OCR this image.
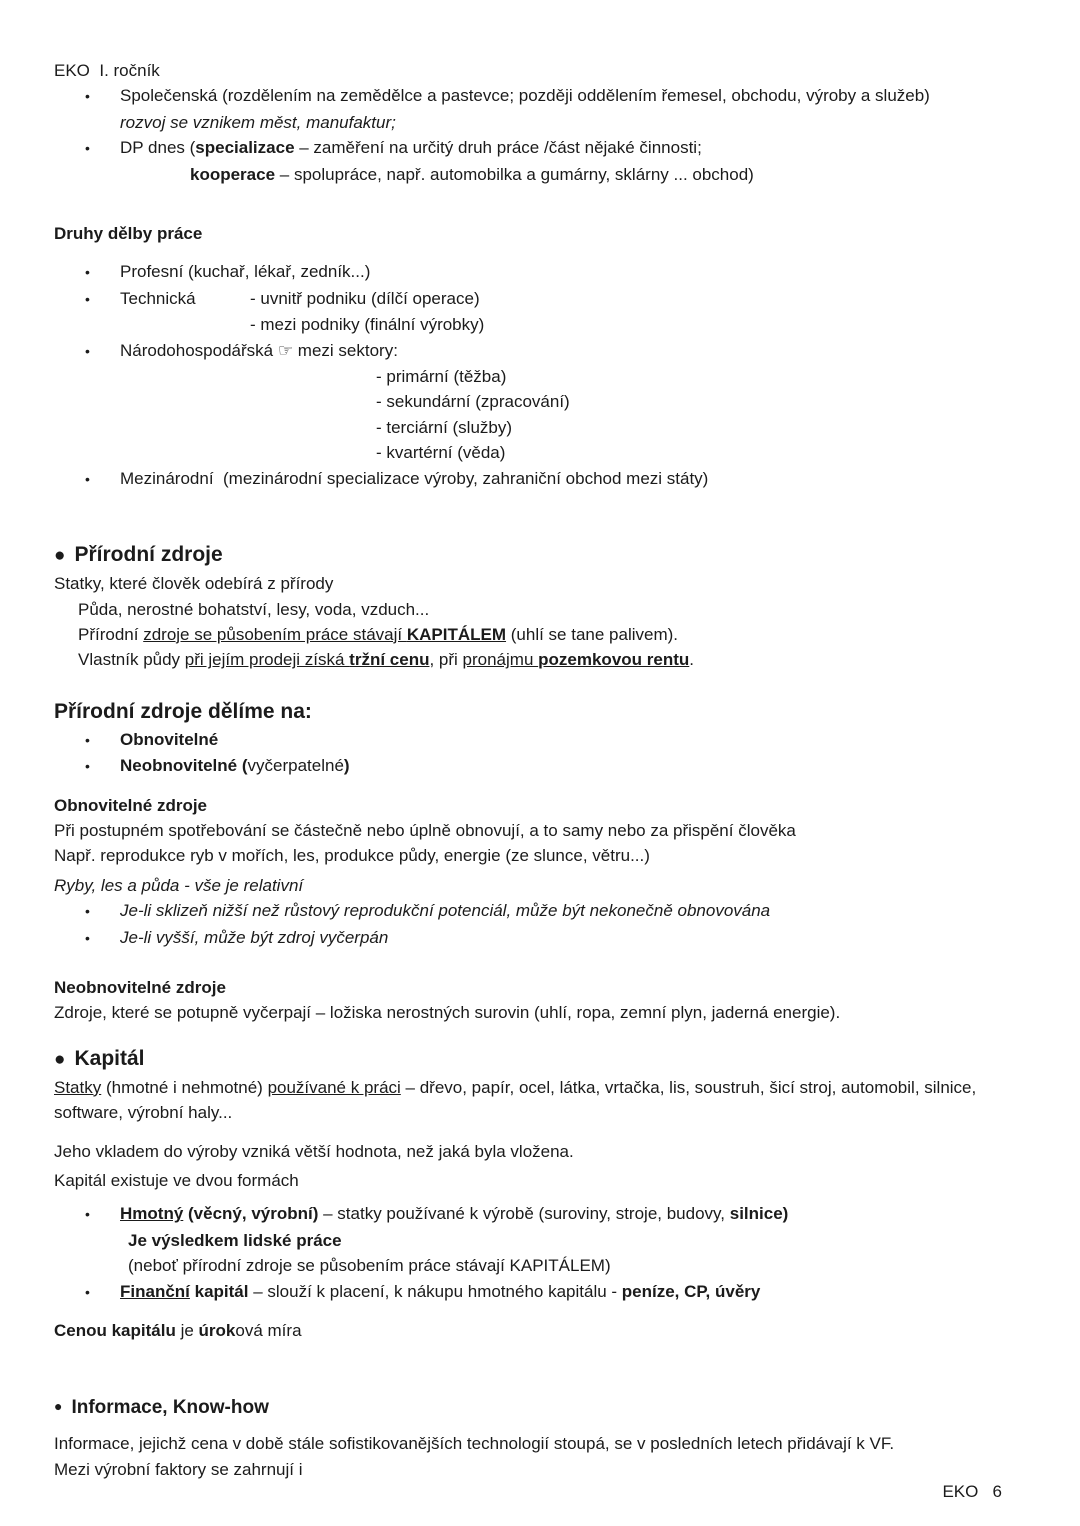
EKO  I. ročník
• Společenská (rozdělením na zemědělce a pastevce; později oddělením řemesel, obchodu, výroby a služeb)
rozvoj se vznikem měst, manufaktur;
• DP dnes (specializace – zaměření na určitý druh práce /část nějaké činnosti;
kooperace – spolupráce, např. automobilka a gumárny, sklárny ... obchod)
Druhy dělby práce
• Profesní (kuchař, lékař, zedník...)
• Technická	- uvnitř podniku (dílčí operace)
- mezi podniky (finální výrobky)
• Národohospodářská ☞ mezi sektory:
- primární (těžba)
- sekundární (zpracování)
- terciární (služby)
- kvartérní (věda)
• Mezinárodní  (mezinárodní specializace výroby, zahraniční obchod mezi státy)
● Přírodní zdroje
Statky, které člověk odebírá z přírody
Půda, nerostné bohatství, lesy, voda, vzduch...
Přírodní zdroje se působením práce stávají KAPITÁLEM (uhlí se tane palivem).
Vlastník půdy při jejím prodeji získá tržní cenu, při pronájmu pozemkovou rentu.
Přírodní zdroje dělíme na:
• Obnovitelné
• Neobnovitelné (vyčerpatelné)
Obnovitelné zdroje
Při postupném spotřebování se částečně nebo úplně obnovují, a to samy nebo za přispění člověka
Např. reprodukce ryb v mořích, les, produkce půdy, energie (ze slunce, větru...)
Ryby, les a půda - vše je relativní
• Je-li sklizeň nižší než růstový reprodukční potenciál, může být nekonečně obnovována
• Je-li vyšší, může být zdroj vyčerpán
Neobnovitelné zdroje
Zdroje, které se potupně vyčerpají – ložiska nerostných surovin (uhlí, ropa, zemní plyn, jaderná energie).
● Kapitál
Statky (hmotné i nehmotné) používané k práci – dřevo, papír, ocel, látka, vrtačka, lis, soustruh, šicí stroj, automobil, silnice, software, výrobní haly...
Jeho vkladem do výroby vzniká větší hodnota, než jaká byla vložena.
Kapitál existuje ve dvou formách
• Hmotný (věcný, výrobní) – statky používané k výrobě (suroviny, stroje, budovy, silnice)
Je výsledkem lidské práce
(neboť přírodní zdroje se působením práce stávají KAPITÁLEM)
• Finanční kapitál – slouží k placení, k nákupu hmotného kapitálu - peníze, CP, úvěry
Cenou kapitálu je úroková míra
● Informace, Know-how
Informace, jejichž cena v době stále sofistikovanějších technologií stoupá, se v posledních letech přidávají k VF.
Mezi výrobní faktory se zahrnují i
EKO   6
